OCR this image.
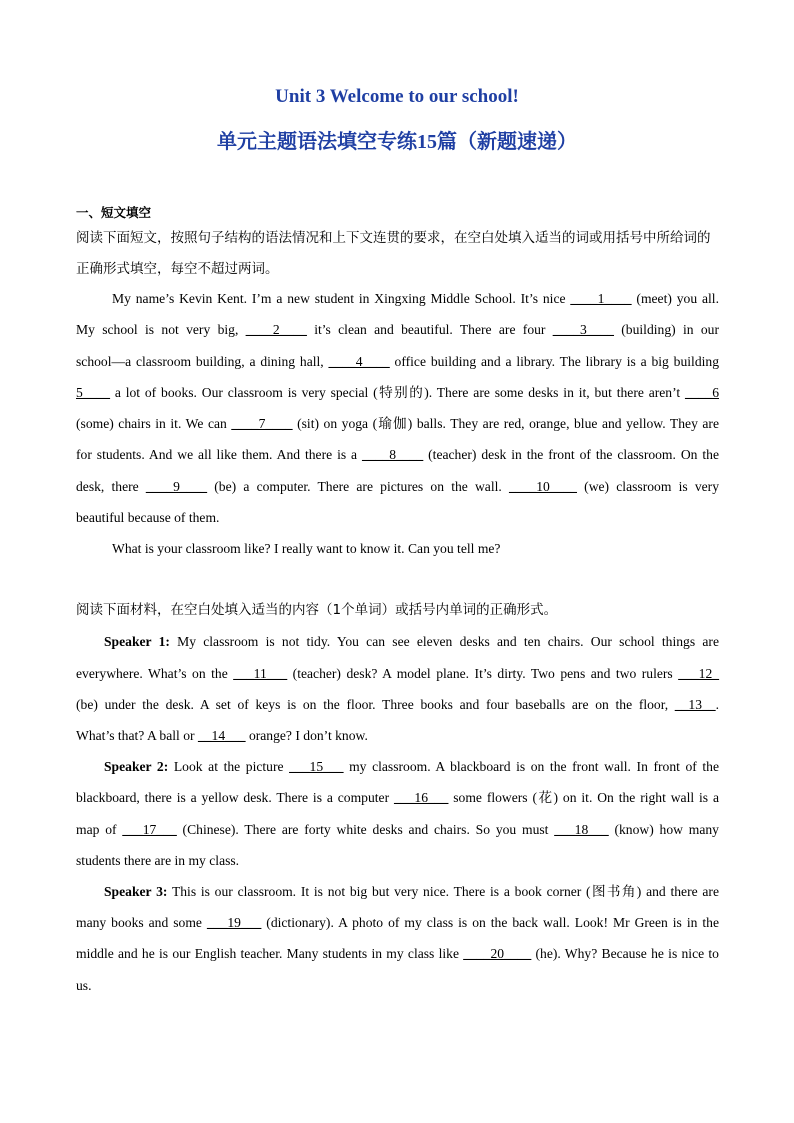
Unit 3 Welcome to our school!
单元主题语法填空专练15篇（新题速递）
一、短文填空
阅读下面短文，按照句子结构的语法情况和上下文连贯的要求，在空白处填入适当的词或用括号中所给词的正确形式填空，每空不超过两词。
My name’s Kevin Kent. I’m a new student in Xingxing Middle School. It’s nice ____1____ (meet) you all.
My school is not very big, ____2____ it’s clean and beautiful. There are four ____3____ (building) in our
school—a classroom building, a dining hall, ____4____ office building and a library. The library is a big building
5____ a lot of books. Our classroom is very special (特别的). There are some desks in it, but there aren’t ____6
(some) chairs in it. We can ____7____ (sit) on yoga (瑜伽) balls. They are red, orange, blue and yellow. They are
for students. And we all like them. And there is a ____8____ (teacher) desk in the front of the classroom. On the
desk, there ____9____ (be) a computer. There are pictures on the wall. ____10____ (we) classroom is very
beautiful because of them.
What is your classroom like? I really want to know it. Can you tell me?
阅读下面材料，在空白处填入适当的内容（1个单词）或括号内单词的正确形式。
Speaker 1: My classroom is not tidy. You can see eleven desks and ten chairs. Our school things are
everywhere. What’s on the ___11___ (teacher) desk? A model plane. It’s dirty. Two pens and two rulers ___12_
(be) under the desk. A set of keys is on the floor. Three books and four baseballs are on the floor, __13__.
What’s that? A ball or __14___ orange? I don’t know.
Speaker 2: Look at the picture ___15___ my classroom. A blackboard is on the front wall. In front of the
blackboard, there is a yellow desk. There is a computer ___16___ some flowers (花) on it. On the right wall is a
map of ___17___ (Chinese). There are forty white desks and chairs. So you must ___18___ (know) how many
students there are in my class.
Speaker 3: This is our classroom. It is not big but very nice. There is a book corner (图书角) and there are
many books and some ___19___ (dictionary). A photo of my class is on the back wall. Look! Mr Green is in the
middle and he is our English teacher. Many students in my class like ____20____ (he). Why? Because he is nice to
us.
